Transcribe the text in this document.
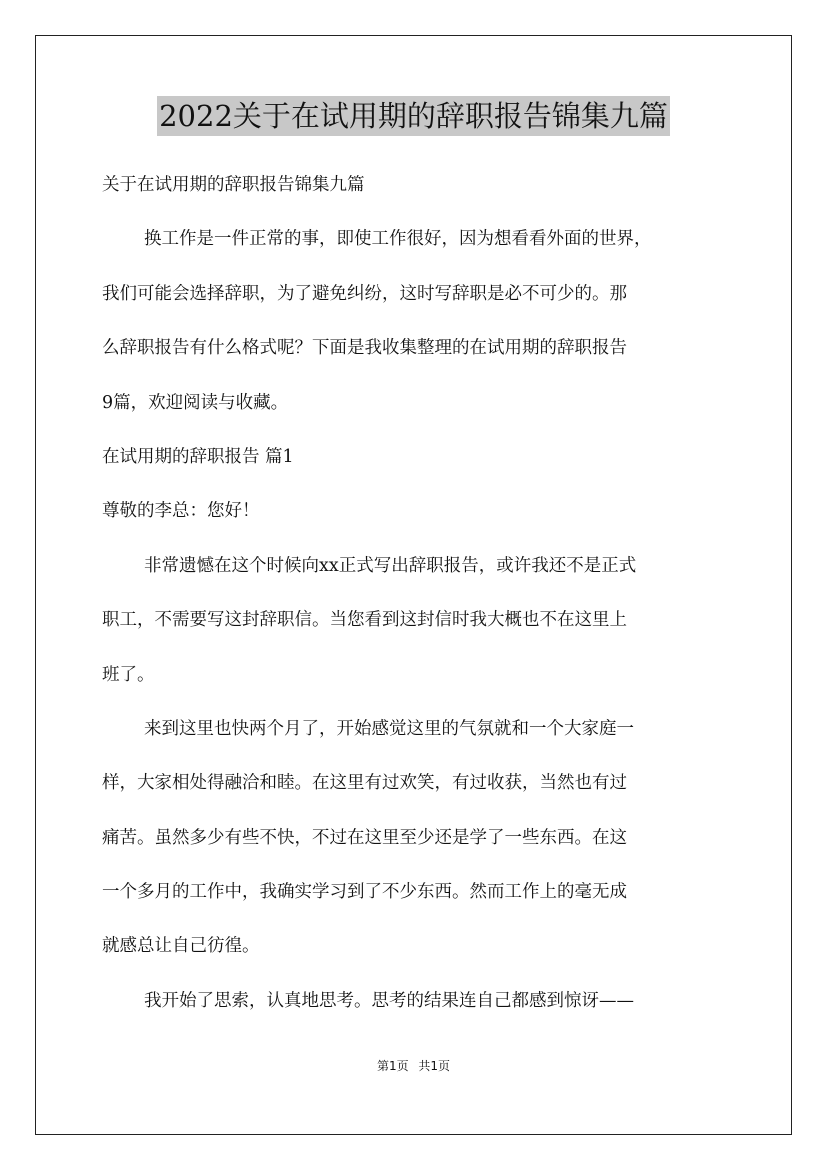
2022关于在试用期的辞职报告锦集九篇
关于在试用期的辞职报告锦集九篇
换工作是一件正常的事，即使工作很好，因为想看看外面的世界，
我们可能会选择辞职，为了避免纠纷，这时写辞职是必不可少的。那
么辞职报告有什么格式呢？下面是我收集整理的在试用期的辞职报告
9篇，欢迎阅读与收藏。
在试用期的辞职报告 篇1
尊敬的李总：您好！
非常遗憾在这个时候向xx正式写出辞职报告，或许我还不是正式
职工，不需要写这封辞职信。当您看到这封信时我大概也不在这里上
班了。
来到这里也快两个月了，开始感觉这里的气氛就和一个大家庭一
样，大家相处得融洽和睦。在这里有过欢笑，有过收获，当然也有过
痛苦。虽然多少有些不快，不过在这里至少还是学了一些东西。在这
一个多月的工作中，我确实学习到了不少东西。然而工作上的毫无成
就感总让自己彷徨。
我开始了思索，认真地思考。思考的结果连自己都感到惊讶——
第1页 共1页
